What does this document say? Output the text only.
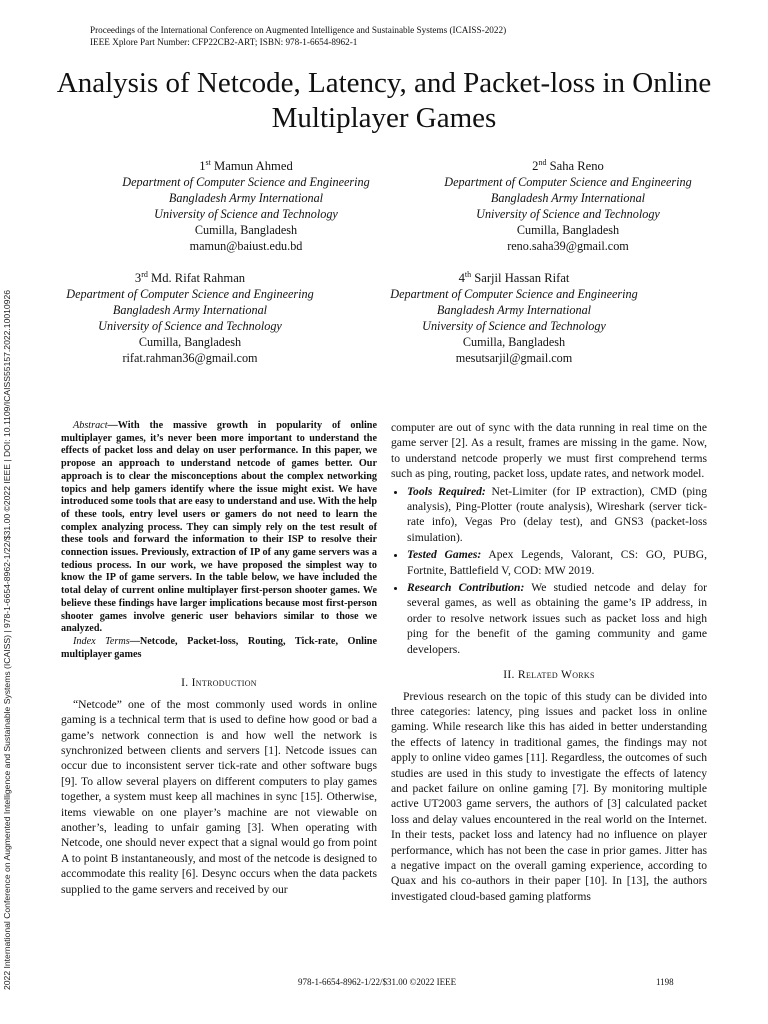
Proceedings of the International Conference on Augmented Intelligence and Sustainable Systems (ICAISS-2022)
IEEE Xplore Part Number: CFP22CB2-ART; ISBN: 978-1-6654-8962-1
2022 International Conference on Augmented Intelligence and Sustainable Systems (ICAISS) | 978-1-6654-8962-1/22/$31.00 ©2022 IEEE | DOI: 10.1109/ICAISS55157.2022.10010926
Analysis of Netcode, Latency, and Packet-loss in Online Multiplayer Games
1st Mamun Ahmed
Department of Computer Science and Engineering
Bangladesh Army International
University of Science and Technology
Cumilla, Bangladesh
mamun@baiust.edu.bd
2nd Saha Reno
Department of Computer Science and Engineering
Bangladesh Army International
University of Science and Technology
Cumilla, Bangladesh
reno.saha39@gmail.com
3rd Md. Rifat Rahman
Department of Computer Science and Engineering
Bangladesh Army International
University of Science and Technology
Cumilla, Bangladesh
rifat.rahman36@gmail.com
4th Sarjil Hassan Rifat
Department of Computer Science and Engineering
Bangladesh Army International
University of Science and Technology
Cumilla, Bangladesh
mesutsarjil@gmail.com

Abstract—With the massive growth in popularity of online multiplayer games, it’s never been more important to understand the effects of packet loss and delay on user performance. In this paper, we propose an approach to understand netcode of games better. Our approach is to clear the misconceptions about the complex networking topics and help gamers identify where the issue might exist. We have introduced some tools that are easy to understand and use. With the help of these tools, entry level users or gamers do not need to learn the complex analyzing process. They can simply rely on the test result of these tools and forward the information to their ISP to resolve their connection issues. Previously, extraction of IP of any game servers was a tedious process. In our work, we have proposed the simplest way to know the IP of game servers. In the table below, we have included the total delay of current online multiplayer first-person shooter games. We believe these findings have larger implications because most first-person shooter games involve generic user behaviors similar to those we analyzed.

Index Terms—Netcode, Packet-loss, Routing, Tick-rate, Online multiplayer games

I. Introduction

“Netcode” one of the most commonly used words in online gaming is a technical term that is used to define how good or bad a game’s network connection is and how well the network is synchronized between clients and servers [1]. Netcode issues can occur due to inconsistent server tick-rate and other software bugs [9]. To allow several players on different computers to play games together, a system must keep all machines in sync [15]. Otherwise, items viewable on one player’s machine are not viewable on another’s, leading to unfair gaming [3]. When operating with Netcode, one should never expect that a signal would go from point A to point B instantaneously, and most of the netcode is designed to accommodate this reality [6]. Desync occurs when the data packets supplied to the game servers and received by our

computer are out of sync with the data running in real time on the game server [2]. As a result, frames are missing in the game. Now, to understand netcode properly we must first comprehend terms such as ping, routing, packet loss, update rates, and network model.

• Tools Required: Net-Limiter (for IP extraction), CMD (ping analysis), Ping-Plotter (route analysis), Wireshark (server tick-rate info), Vegas Pro (delay test), and GNS3 (packet-loss simulation).
• Tested Games: Apex Legends, Valorant, CS: GO, PUBG, Fortnite, Battlefield V, COD: MW 2019.
• Research Contribution: We studied netcode and delay for several games, as well as obtaining the game’s IP address, in order to resolve network issues such as packet loss and high ping for the benefit of the gaming community and game developers.
II. Related Works

Previous research on the topic of this study can be divided into three categories: latency, ping issues and packet loss in online gaming. While research like this has aided in better understanding the effects of latency in traditional games, the findings may not apply to online video games [11]. Regardless, the outcomes of such studies are used in this study to investigate the effects of latency and packet failure on online gaming [7]. By monitoring multiple active UT2003 game servers, the authors of [3] calculated packet loss and delay values encountered in the real world on the Internet. In their tests, packet loss and latency had no influence on player performance, which has not been the case in prior games. Jitter has a negative impact on the overall gaming experience, according to Quax and his co-authors in their paper [10]. In [13], the authors investigated cloud-based gaming platforms

978-1-6654-8962-1/22/$31.00 ©2022 IEEE	1198
